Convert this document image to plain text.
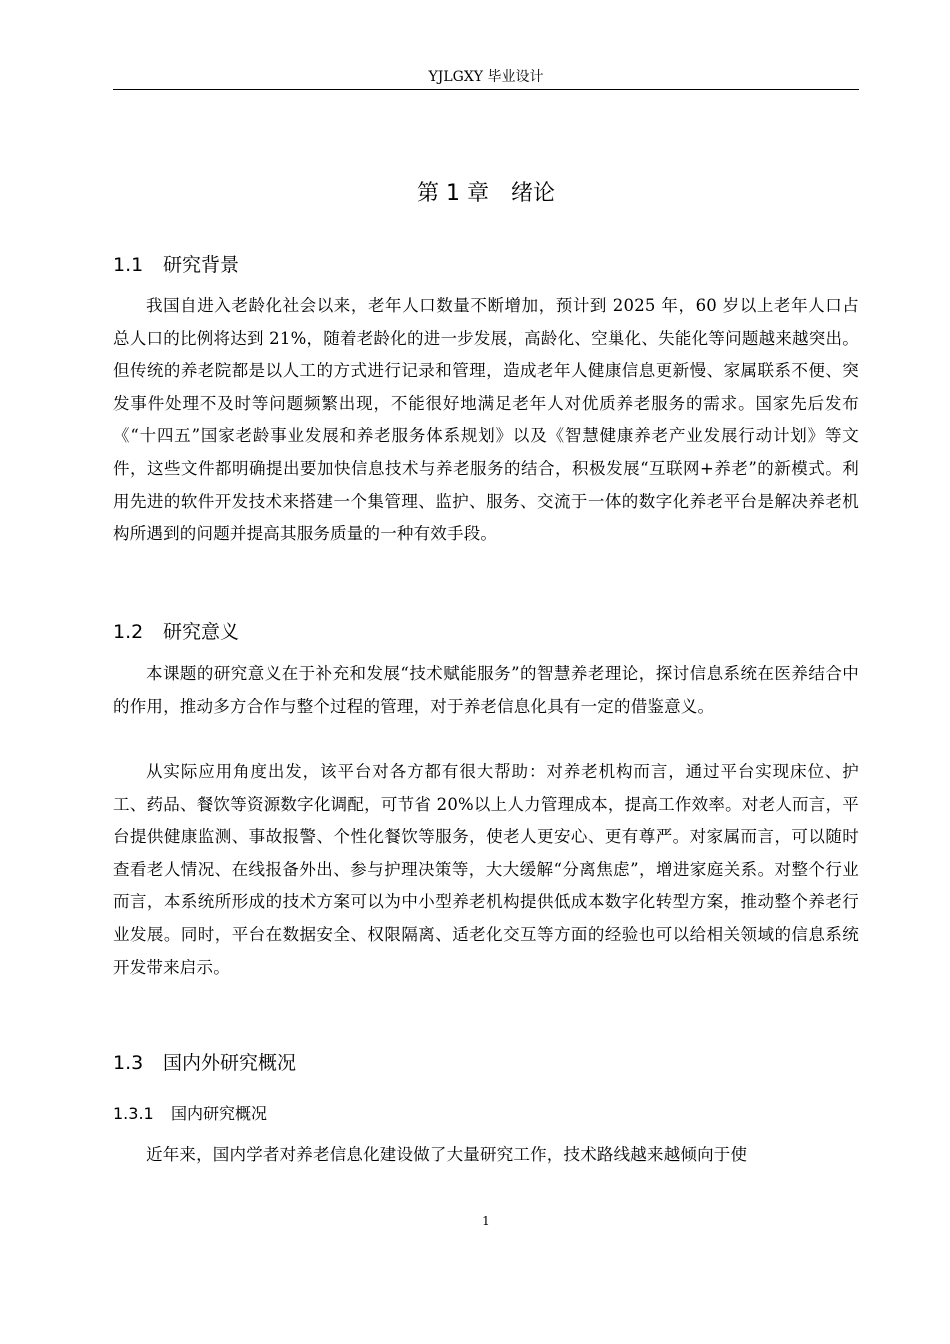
YJLGXY 毕业设计
第 1 章 绪论
1.1 研究背景
我国自进入老龄化社会以来，老年人口数量不断增加，预计到 2025 年，60 岁以上老年人口占总人口的比例将达到 21%，随着老龄化的进一步发展，高龄化、空巢化、失能化等问题越来越突出。但传统的养老院都是以人工的方式进行记录和管理，造成老年人健康信息更新慢、家属联系不便、突发事件处理不及时等问题频繁出现，不能很好地满足老年人对优质养老服务的需求。国家先后发布《“十四五”国家老龄事业发展和养老服务体系规划》以及《智慧健康养老产业发展行动计划》等文件，这些文件都明确提出要加快信息技术与养老服务的结合，积极发展“互联网+养老”的新模式。利用先进的软件开发技术来搭建一个集管理、监护、服务、交流于一体的数字化养老平台是解决养老机构所遇到的问题并提高其服务质量的一种有效手段。
1.2 研究意义
本课题的研究意义在于补充和发展“技术赋能服务”的智慧养老理论，探讨信息系统在医养结合中的作用，推动多方合作与整个过程的管理，对于养老信息化具有一定的借鉴意义。
从实际应用角度出发，该平台对各方都有很大帮助：对养老机构而言，通过平台实现床位、护工、药品、餐饮等资源数字化调配，可节省 20%以上人力管理成本，提高工作效率。对老人而言，平台提供健康监测、事故报警、个性化餐饮等服务，使老人更安心、更有尊严。对家属而言，可以随时查看老人情况、在线报备外出、参与护理决策等，大大缓解“分离焦虑”，增进家庭关系。对整个行业而言，本系统所形成的技术方案可以为中小型养老机构提供低成本数字化转型方案，推动整个养老行业发展。同时，平台在数据安全、权限隔离、适老化交互等方面的经验也可以给相关领域的信息系统开发带来启示。
1.3 国内外研究概况
1.3.1 国内研究概况
近年来，国内学者对养老信息化建设做了大量研究工作，技术路线越来越倾向于使
1
